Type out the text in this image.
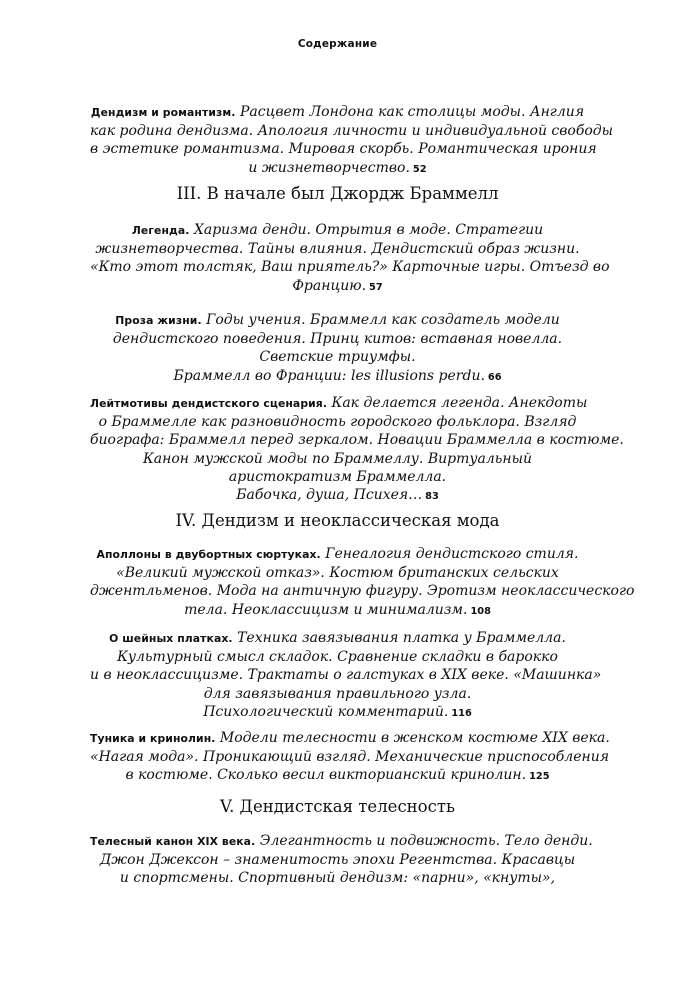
Содержание
Дендизм и романтизм. Расцвет Лондона как столицы моды. Англия
как родина дендизма. Апология личности и индивидуальной свободы
в эстетике романтизма. Мировая скорбь. Романтическая ирония
и жизнетворчество. 52
III. В начале был Джордж Браммелл
Легенда. Харизма денди. Отрытия в моде. Стратегии
жизнетворчества. Тайны влияния. Дендистский образ жизни.
«Кто этот толстяк, Ваш приятель?» Карточные игры. Отъезд во
Францию. 57
Проза жизни. Годы учения. Браммелл как создатель модели
дендистского поведения. Принц китов: вставная новелла.
Светские триумфы.
Браммелл во Франции: les illusions perdu. 66
Лейтмотивы дендистского сценария. Как делается легенда. Анекдоты
о Браммелле как разновидность городского фольклора. Взгляд
биографа: Браммелл перед зеркалом. Новации Браммелла в костюме.
Канон мужской моды по Браммеллу. Виртуальный
аристократизм Браммелла.
Бабочка, душа, Психея… 83
IV. Дендизм и неоклассическая мода
Аполлоны в двубортных сюртуках. Генеалогия дендистского стиля.
«Великий мужской отказ». Костюм британских сельских
джентльменов. Мода на античную фигуру. Эротизм неоклассического
тела. Неоклассицизм и минимализм. 108
О шейных платках. Техника завязывания платка у Браммелла.
Культурный смысл складок. Сравнение складки в барокко
и в неоклассицизме. Трактаты о галстуках в XIX веке. «Машинка»
для завязывания правильного узла.
Психологический комментарий. 116
Туника и кринолин. Модели телесности в женском костюме XIX века.
«Нагая мода». Проникающий взгляд. Механические приспособления
в костюме. Сколько весил викторианский кринолин. 125
V. Дендистская телесность
Телесный канон XIX века. Элегантность и подвижность. Тело денди.
Джон Джексон – знаменитость эпохи Регентства. Красавцы
и спортсмены. Спортивный дендизм: «парни», «кнуты»,
